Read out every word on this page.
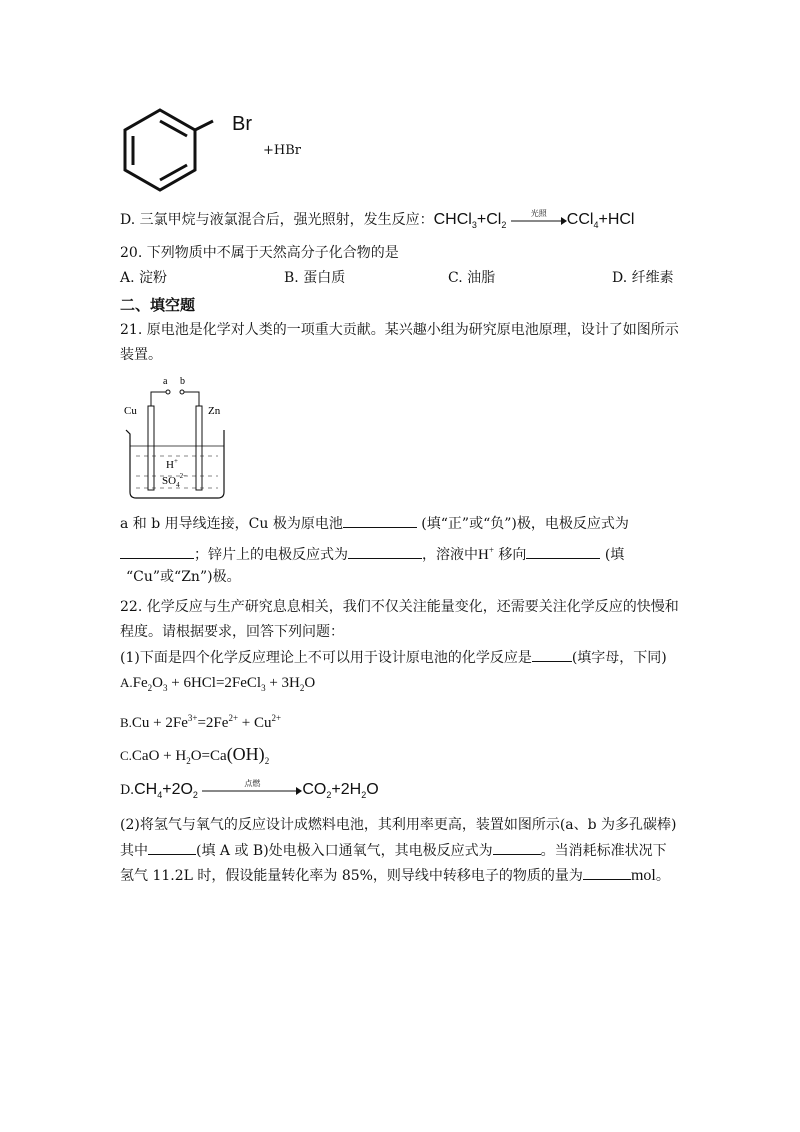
Br
+HBr
D. 三氯甲烷与液氯混合后，强光照射，发生反应：$CHCl_3+Cl_2$
光照	CCl$_4$+HCl
20. 下列物质中不属于天然高分子化合物的是
A. 淀粉	B. 蛋白质	C. 油脂	D. 纤维素
二、填空题
21. 原电池是化学对人类的一项重大贡献。某兴趣小组为研究原电池原理，设计了如图所示
装置。
a b
Cu	Zn
H+
$SO_4^{2-}$
a 和 b 用导线连接，Cu 极为原电池	(填“正”或“负”)极，电极反应式为
；锌片上的电极反应式为	，溶液中H+ 移向	(填
“Cu”或“Zn”)极。
22. 化学反应与生产研究息息相关，我们不仅关注能量变化，还需要关注化学反应的快慢和
程度。请根据要求，回答下列问题：
(1)下面是四个化学反应理论上不可以用于设计原电池的化学反应是	(填字母，下同)
$A.Fe_2O_3$ + 6HCl=2FeCl$_3$ + $3H_2O$
$B.Cu + 2Fe^{3+}=2Fe^{2+} + Cu^{2+}$
$C.CaO + H_2O=Ca(OH)_2$
$D.CH_4+2O_2$
点燃	$CO_2+2H_2O$
(2)将氢气与氧气的反应设计成燃料电池，其利用率更高，装置如图所示(a、b 为多孔碳棒)
其中	(填 A 或 B)处电极入口通氧气，其电极反应式为	。当消耗标准状况下
氢气 11.2L 时，假设能量转化率为 85%，则导线中转移电子的物质的量为	mol。
